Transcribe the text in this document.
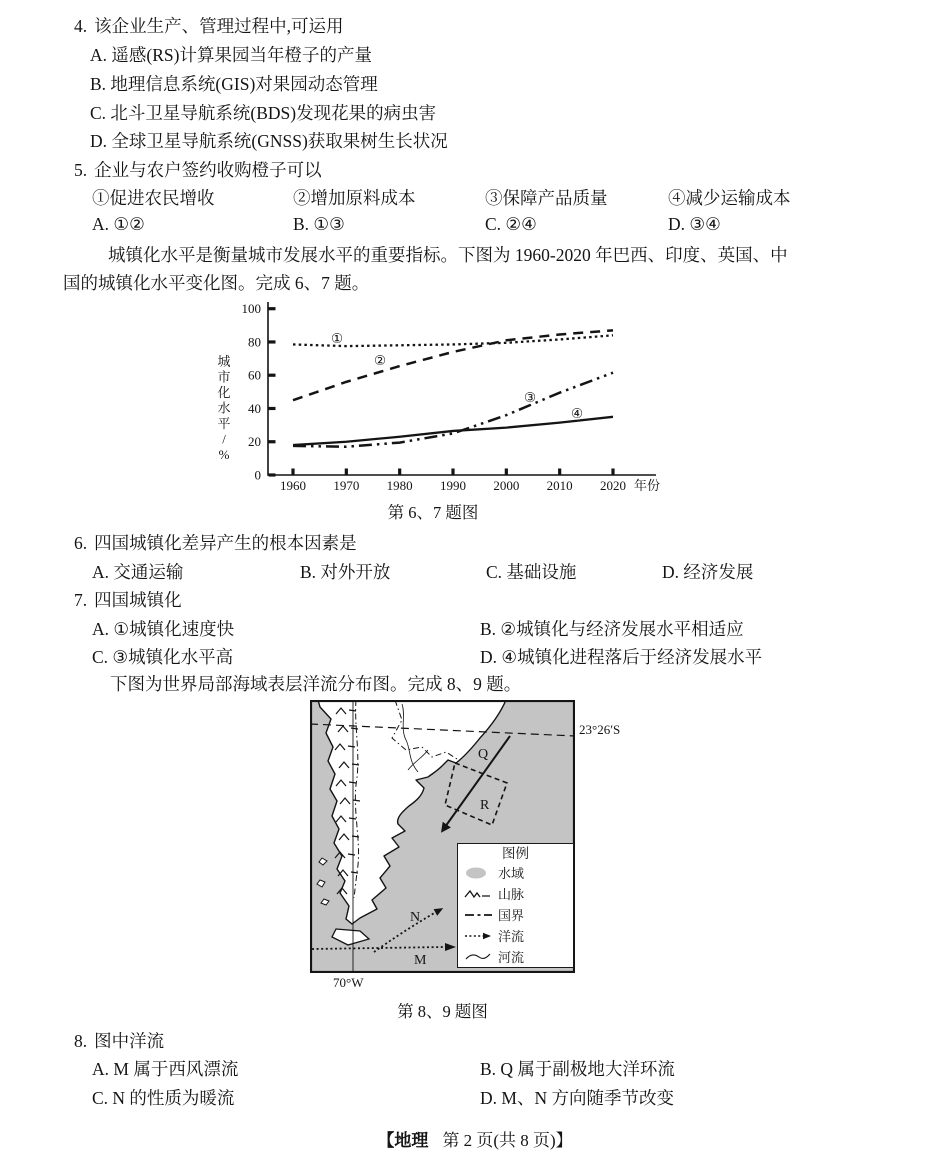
4. 该企业生产、管理过程中,可运用
A. 遥感(RS)计算果园当年橙子的产量
B. 地理信息系统(GIS)对果园动态管理
C. 北斗卫星导航系统(BDS)发现花果的病虫害
D. 全球卫星导航系统(GNSS)获取果树生长状况
5. 企业与农户签约收购橙子可以
①促进农民增收	②增加原料成本	③保障产品质量	④减少运输成本
A. ①②	B. ①③	C. ②④	D. ③④
城镇化水平是衡量城市发展水平的重要指标。下图为 1960-2020 年巴西、印度、英国、中
国的城镇化水平变化图。完成 6、7 题。
0
20
40
60
80
100
1960 1970 1980 1990 2000 2010 2020 年份
城
市
化
水
平
/
%
①
②
③
④
第 6、7 题图
6. 四国城镇化差异产生的根本因素是
A. 交通运输	B. 对外开放	C. 基础设施	D. 经济发展
7. 四国城镇化
A. ①城镇化速度快	B. ②城镇化与经济发展水平相适应
C. ③城镇化水平高	D. ④城镇化进程落后于经济发展水平
下图为世界局部海域表层洋流分布图。完成 8、9 题。
Q
R
N
M
23°26′S
70°W
图例
水域
山脉
国界
洋流
河流
第 8、9 题图
8. 图中洋流
A. M 属于西风漂流	B. Q 属于副极地大洋环流
C. N 的性质为暖流	D. M、N 方向随季节改变
【地理 第 2 页(共 8 页)】
